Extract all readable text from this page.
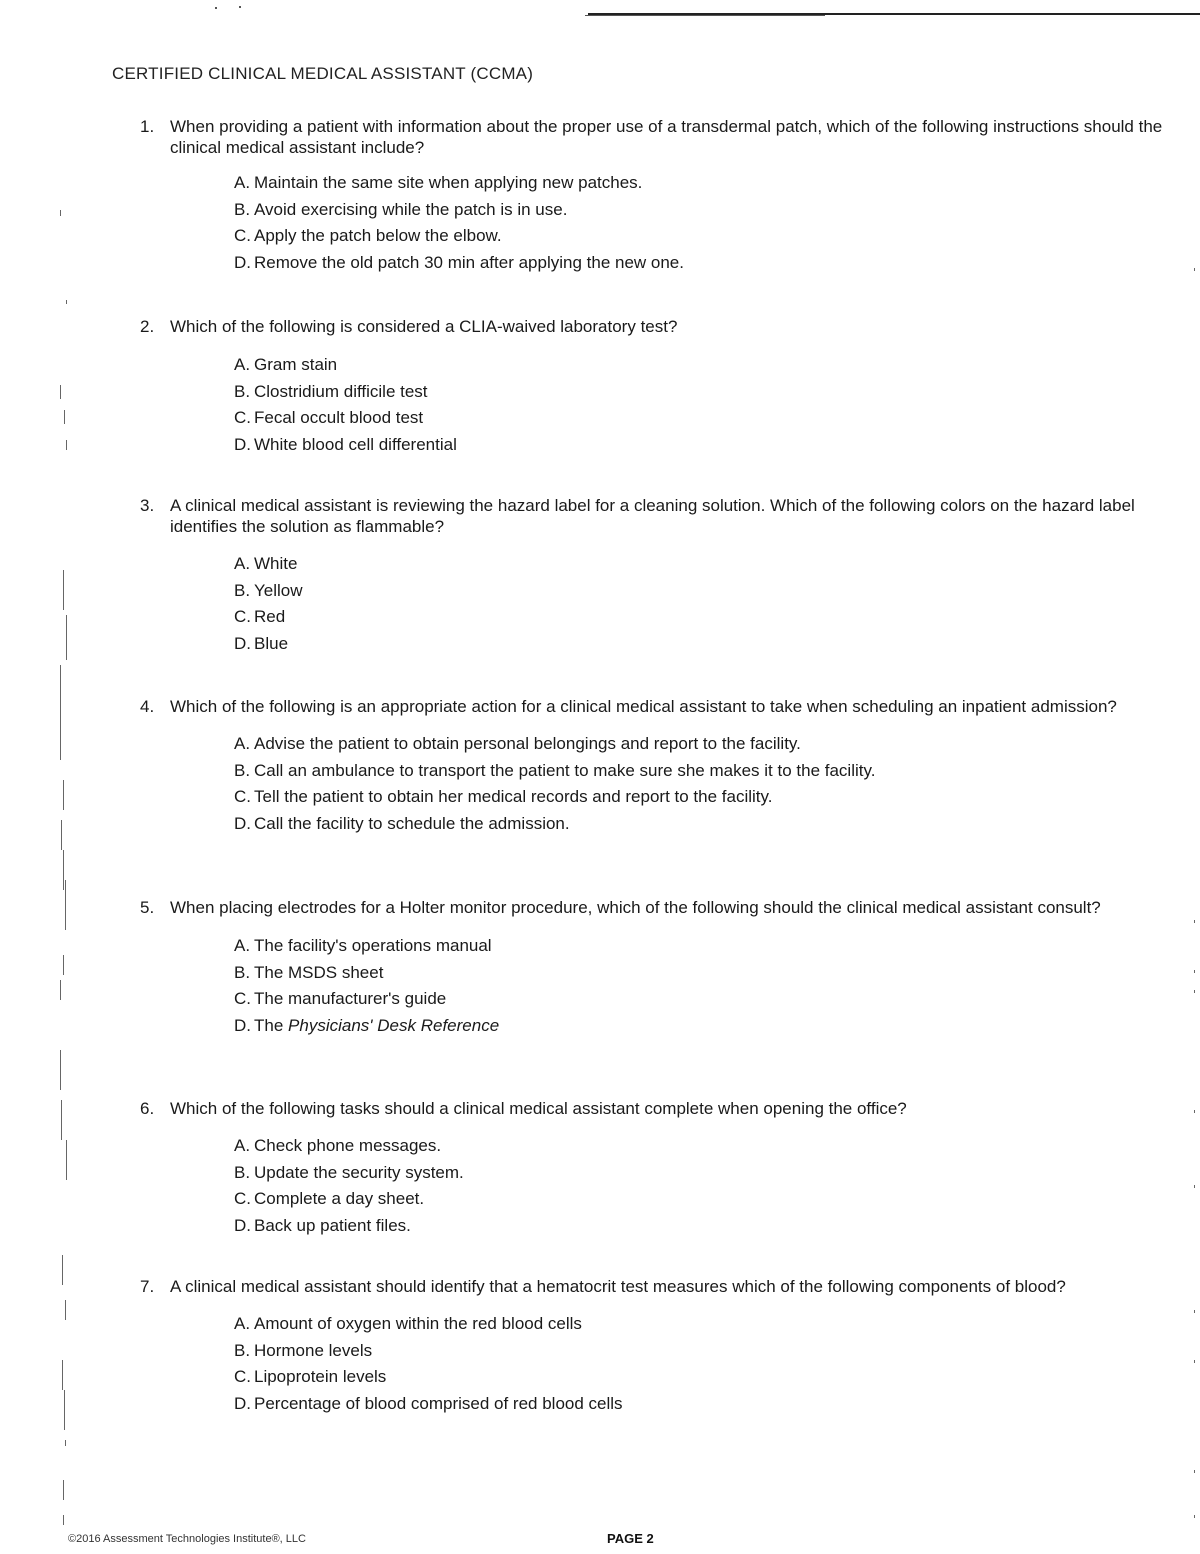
CERTIFIED CLINICAL MEDICAL ASSISTANT (CCMA)
1. When providing a patient with information about the proper use of a transdermal patch, which of the following instructions should the clinical medical assistant include?
A. Maintain the same site when applying new patches.
B. Avoid exercising while the patch is in use.
C. Apply the patch below the elbow.
D. Remove the old patch 30 min after applying the new one.
2. Which of the following is considered a CLIA-waived laboratory test?
A. Gram stain
B. Clostridium difficile test
C. Fecal occult blood test
D. White blood cell differential
3. A clinical medical assistant is reviewing the hazard label for a cleaning solution. Which of the following colors on the hazard label identifies the solution as flammable?
A. White
B. Yellow
C. Red
D. Blue
4. Which of the following is an appropriate action for a clinical medical assistant to take when scheduling an inpatient admission?
A. Advise the patient to obtain personal belongings and report to the facility.
B. Call an ambulance to transport the patient to make sure she makes it to the facility.
C. Tell the patient to obtain her medical records and report to the facility.
D. Call the facility to schedule the admission.
5. When placing electrodes for a Holter monitor procedure, which of the following should the clinical medical assistant consult?
A. The facility's operations manual
B. The MSDS sheet
C. The manufacturer's guide
D. The Physicians' Desk Reference
6. Which of the following tasks should a clinical medical assistant complete when opening the office?
A. Check phone messages.
B. Update the security system.
C. Complete a day sheet.
D. Back up patient files.
7. A clinical medical assistant should identify that a hematocrit test measures which of the following components of blood?
A. Amount of oxygen within the red blood cells
B. Hormone levels
C. Lipoprotein levels
D. Percentage of blood comprised of red blood cells
©2016 Assessment Technologies Institute®, LLC	PAGE 2
